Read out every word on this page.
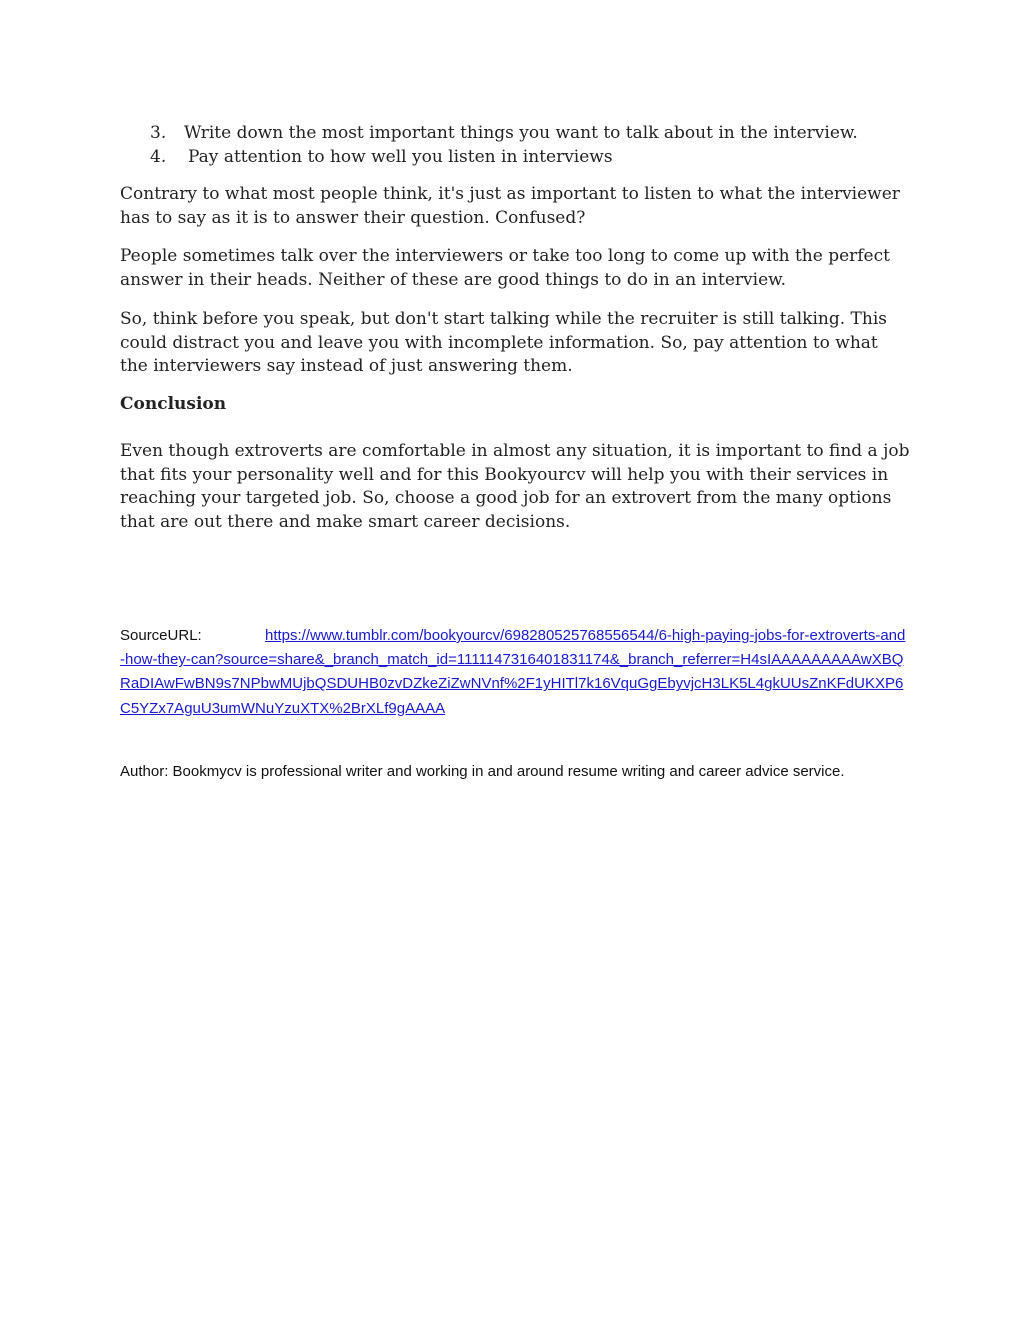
3.	Write down the most important things you want to talk about in the interview.
4.	Pay attention to how well you listen in interviews

Contrary to what most people think, it's just as important to listen to what the interviewer has to say as it is to answer their question. Confused?

People sometimes talk over the interviewers or take too long to come up with the perfect answer in their heads. Neither of these are good things to do in an interview.

So, think before you speak, but don't start talking while the recruiter is still talking. This could distract you and leave you with incomplete information. So, pay attention to what the interviewers say instead of just answering them.

Conclusion

Even though extroverts are comfortable in almost any situation, it is important to find a job that fits your personality well and for this Bookyourcv will help you with their services in reaching your targeted job. So, choose a good job for an extrovert from the many options that are out there and make smart career decisions.

SourceURL:	https://www.tumblr.com/bookyourcv/698280525768556544/6-high-paying-jobs-for-extroverts-and-how-they-can?source=share&_branch_match_id=1111147316401831174&_branch_referrer=H4sIAAAAAAAAAwXBQRaDIAwFwBN9s7NPbwMUjbQSDUHB0zvDZkeZiZwNVnf%2F1yHITl7k16VquGgEbyvjcH3LK5L4gkUUsZnKFdUKXP6C5YZx7AguU3umWNuYzuXTX%2BrXLf9gAAAA
Author: Bookmycv is professional writer and working in and around resume writing and career advice service.
